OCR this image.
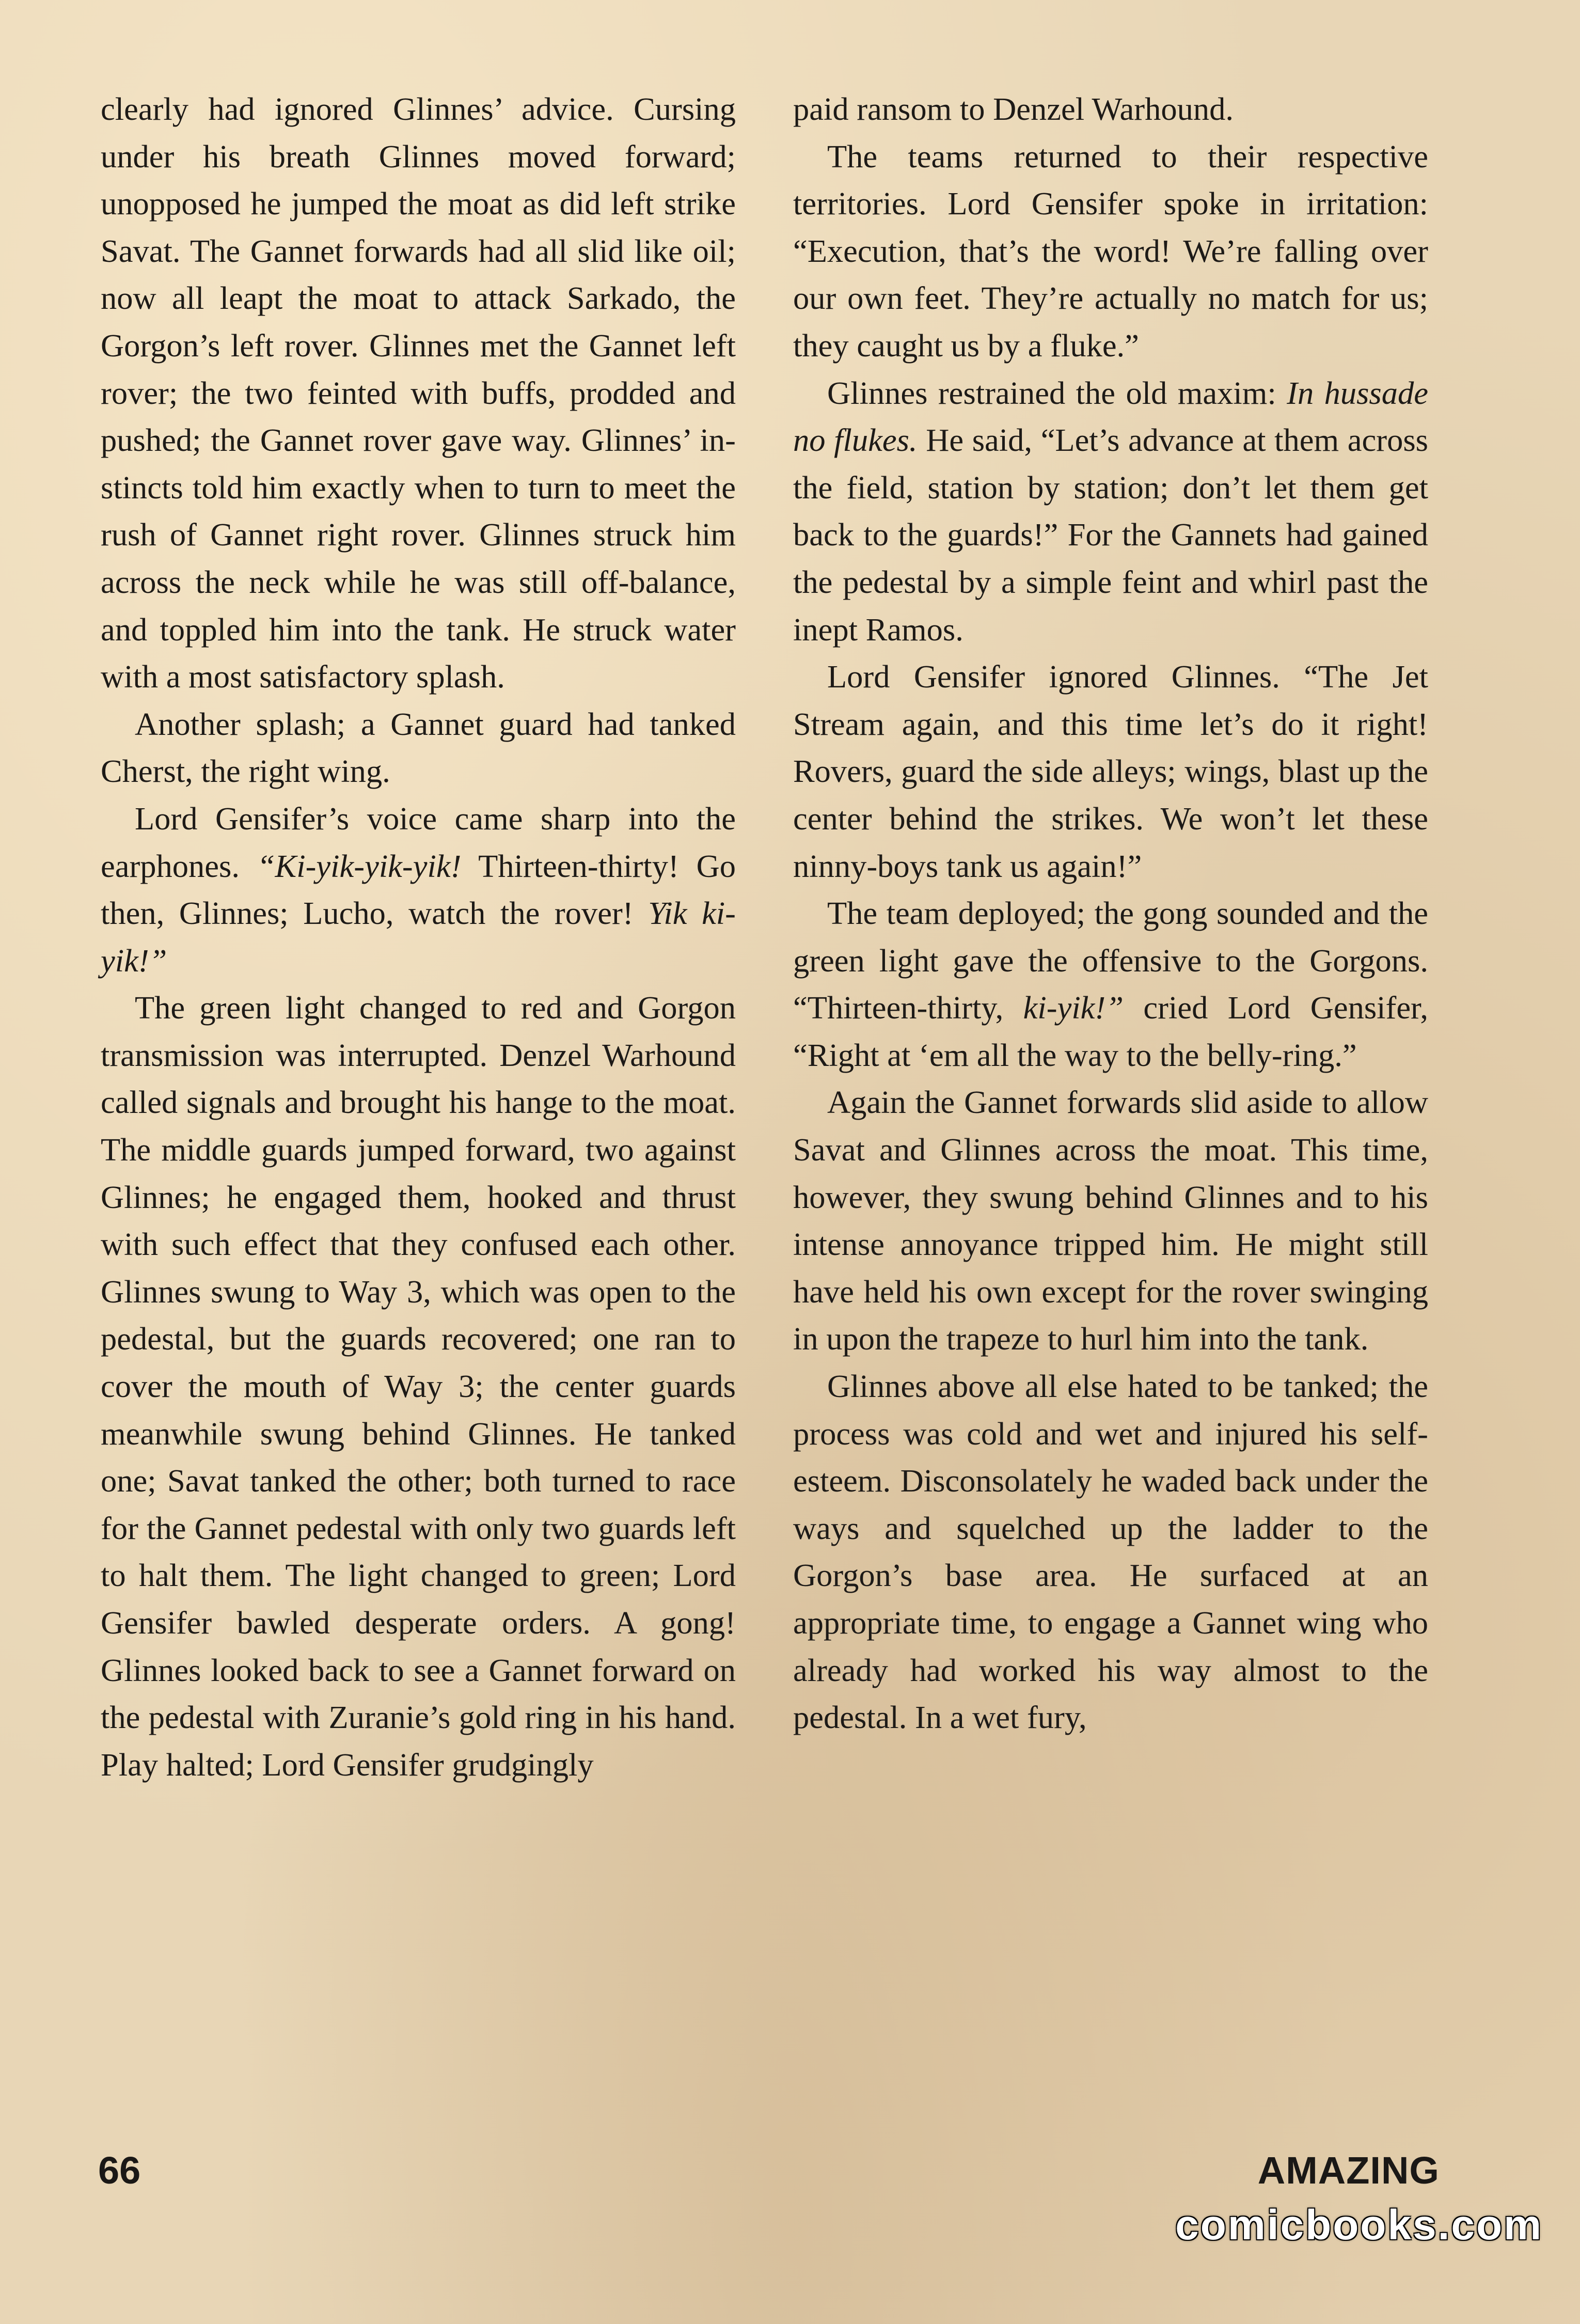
clearly had ignored Glinnes’ advice. Cursing under his breath Glinnes moved forward; unopposed he jumped the moat as did left strike Savat. The Gannet forwards had all slid like oil; now all leapt the moat to attack Sarkado, the Gorgon’s left rover. Glinnes met the Gannet left rover; the two feinted with buffs, prodded and pushed; the Gannet rover gave way. Glinnes’ instincts told him exactly when to turn to meet the rush of Gannet right rover. Glinnes struck him across the neck while he was still off-balance, and toppled him into the tank. He struck water with a most satisfactory splash.

Another splash; a Gannet guard had tanked Cherst, the right wing.

Lord Gensifer’s voice came sharp into the earphones. “Ki-yik-yik-yik! Thirteen-thirty! Go then, Glinnes; Lucho, watch the rover! Yik ki-yik!”

The green light changed to red and Gorgon transmission was interrupted. Denzel Warhound called signals and brought his hange to the moat. The middle guards jumped forward, two against Glinnes; he engaged them, hooked and thrust with such effect that they confused each other. Glinnes swung to Way 3, which was open to the pedestal, but the guards recovered; one ran to cover the mouth of Way 3; the center guards meanwhile swung behind Glinnes. He tanked one; Savat tanked the other; both turned to race for the Gannet pedestal with only two guards left to halt them. The light changed to green; Lord Gensifer bawled desperate orders. A gong! Glinnes looked back to see a Gannet forward on the pedestal with Zuranie’s gold ring in his hand. Play halted; Lord Gensifer grudgingly

paid ransom to Denzel Warhound.

The teams returned to their respective territories. Lord Gensifer spoke in irritation: “Execution, that’s the word! We’re falling over our own feet. They’re actually no match for us; they caught us by a fluke.”

Glinnes restrained the old maxim: In hussade no flukes. He said, “Let’s advance at them across the field, station by station; don’t let them get back to the guards!” For the Gannets had gained the pedestal by a simple feint and whirl past the inept Ramos.

Lord Gensifer ignored Glinnes. “The Jet Stream again, and this time let’s do it right! Rovers, guard the side alleys; wings, blast up the center behind the strikes. We won’t let these ninny-boys tank us again!”

The team deployed; the gong sounded and the green light gave the offensive to the Gorgons. “Thirteen-thirty, ki-yik!” cried Lord Gensifer, “Right at ‘em all the way to the belly-ring.”

Again the Gannet forwards slid aside to allow Savat and Glinnes across the moat. This time, however, they swung behind Glinnes and to his intense annoyance tripped him. He might still have held his own except for the rover swinging in upon the trapeze to hurl him into the tank.

Glinnes above all else hated to be tanked; the process was cold and wet and injured his self-esteem. Disconsolately he waded back under the ways and squelched up the ladder to the Gorgon’s base area. He surfaced at an appropriate time, to engage a Gannet wing who already had worked his way almost to the pedestal. In a wet fury,

66	AMAZING
comicbooks.com
